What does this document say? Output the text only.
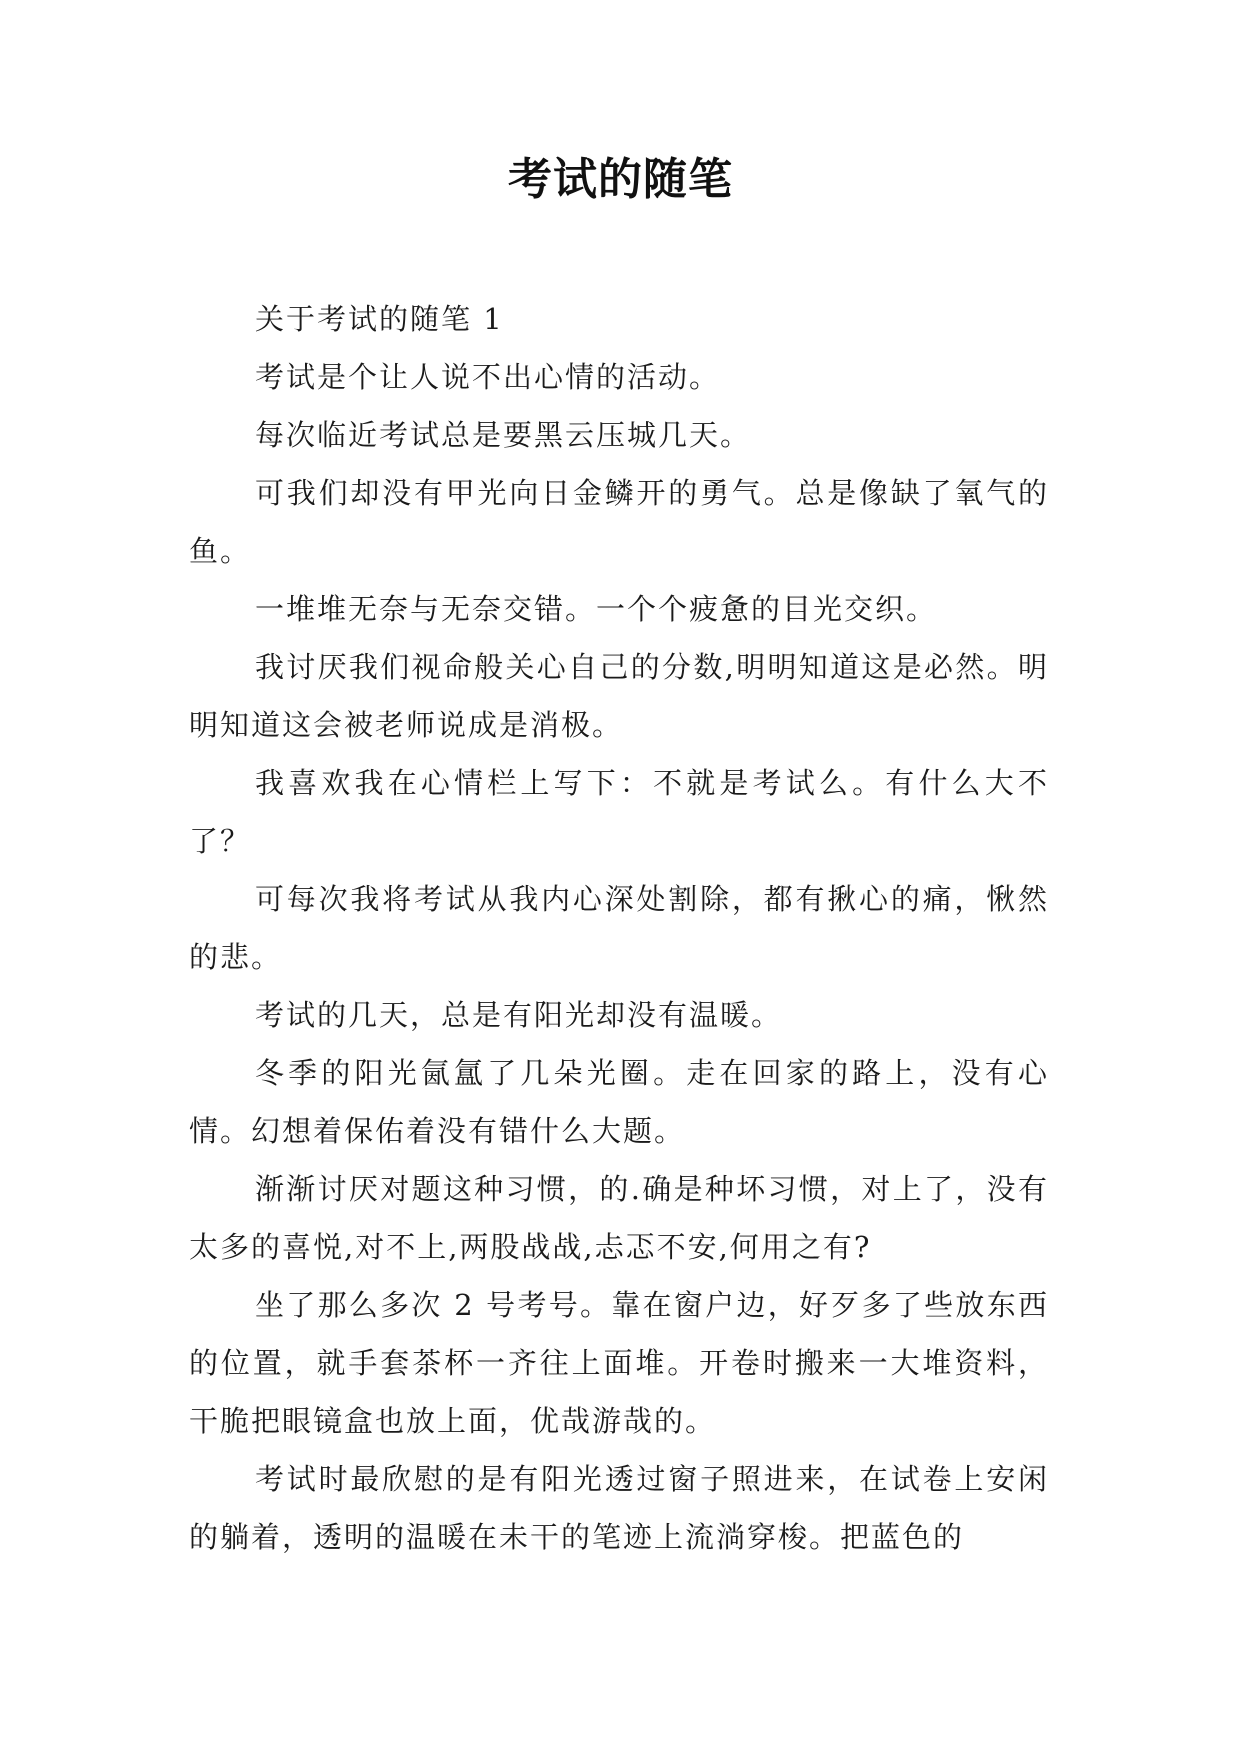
考试的随笔

关于考试的随笔 1

考试是个让人说不出心情的活动。

每次临近考试总是要黑云压城几天。

可我们却没有甲光向日金鳞开的勇气。总是像缺了氧气的鱼。

一堆堆无奈与无奈交错。一个个疲惫的目光交织。

我讨厌我们视命般关心自己的分数,明明知道这是必然。明明知道这会被老师说成是消极。

我喜欢我在心情栏上写下：不就是考试么。有什么大不了？

可每次我将考试从我内心深处割除，都有揪心的痛，愀然的悲。

考试的几天，总是有阳光却没有温暖。

冬季的阳光氤氲了几朵光圈。走在回家的路上，没有心情。幻想着保佑着没有错什么大题。

渐渐讨厌对题这种习惯，的.确是种坏习惯，对上了，没有太多的喜悦,对不上,两股战战,忐忑不安,何用之有?

坐了那么多次 2 号考号。靠在窗户边，好歹多了些放东西的位置，就手套茶杯一齐往上面堆。开卷时搬来一大堆资料，干脆把眼镜盒也放上面，优哉游哉的。

考试时最欣慰的是有阳光透过窗子照进来，在试卷上安闲的躺着，透明的温暖在未干的笔迹上流淌穿梭。把蓝色的
